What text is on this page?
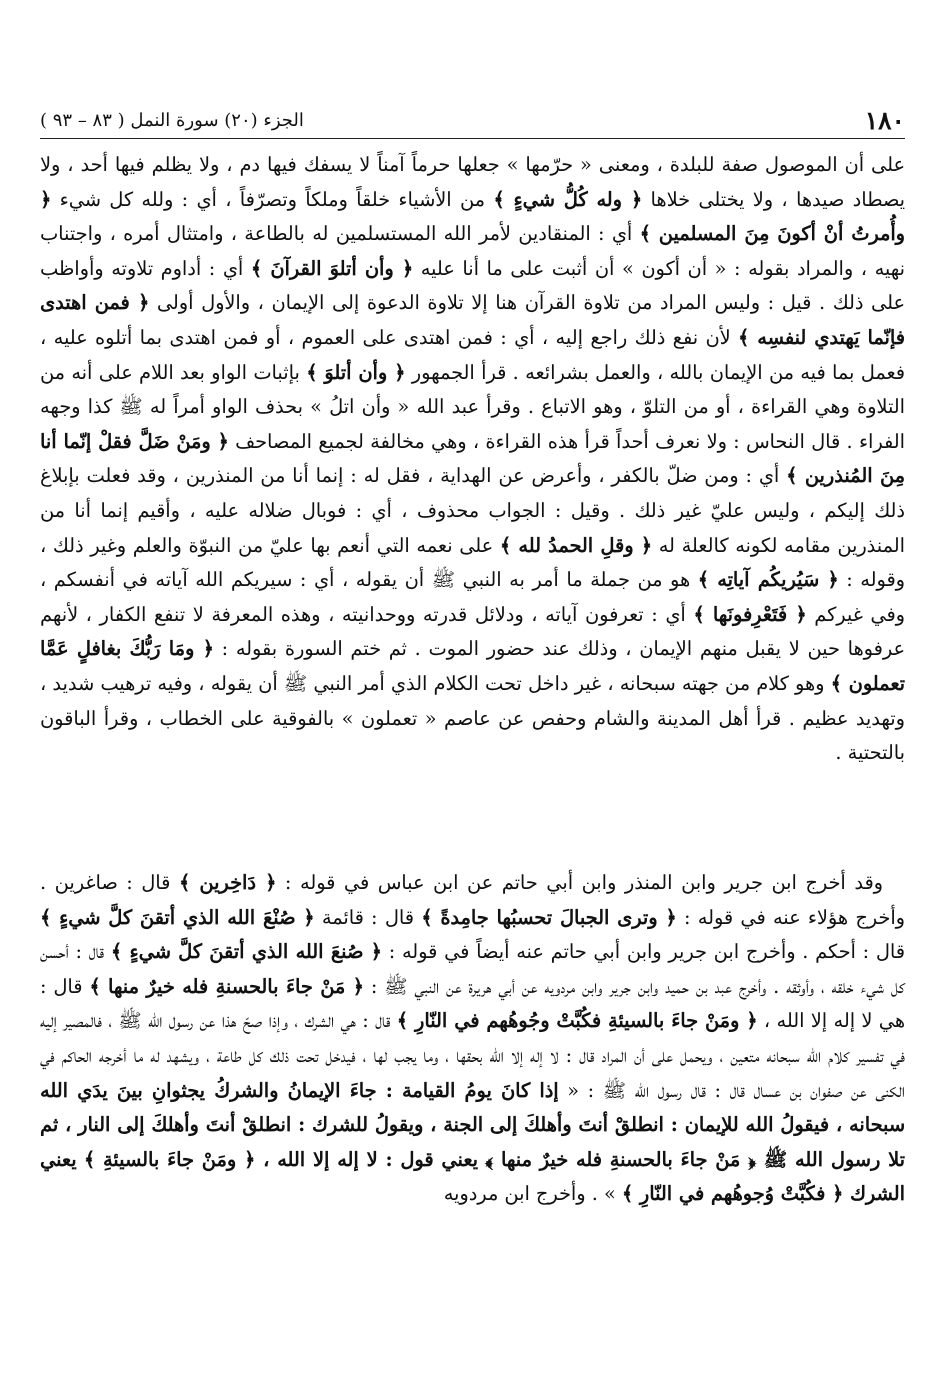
١٨٠
الجزء (٢٠) سورة النمل ( ٨٣ – ٩٣ )
على أن الموصول صفة للبلدة ، ومعنى « حرّمها » جعلها حرماً آمناً لا يسفك فيها دم ، ولا يظلم فيها أحد ، ولا يصطاد صيدها ، ولا يختلى خلاها ﴿ وله كُلُّ شيءٍ ﴾ من الأشياء خلقاً وملكاً وتصرّفاً ، أي : ولله كل شيء ﴿ وأُمرتُ أنْ أكونَ مِنَ المسلمين ﴾ أي : المنقادين لأمر الله المستسلمين له بالطاعة ، وامتثال أمره ، واجتناب نهيه ، والمراد بقوله : « أن أكون » أن أثبت على ما أنا عليه ﴿ وأن أتلوَ القرآنَ ﴾ أي : أداوم تلاوته وأواظب على ذلك . قيل : وليس المراد من تلاوة القرآن هنا إلا تلاوة الدعوة إلى الإيمان ، والأول أولى ﴿ فمن اهتدى فإنّما يَهتدي لنفسِه ﴾ لأن نفع ذلك راجع إليه ، أي : فمن اهتدى على العموم ، أو فمن اهتدى بما أتلوه عليه ، فعمل بما فيه من الإيمان بالله ، والعمل بشرائعه . قرأ الجمهور ﴿ وأن أتلوَ ﴾ بإثبات الواو بعد اللام على أنه من التلاوة وهي القراءة ، أو من التلوّ ، وهو الاتباع . وقرأ عبد الله « وأن اتلُ » بحذف الواو أمراً له ﷺ كذا وجهه الفراء . قال النحاس : ولا نعرف أحداً قرأ هذه القراءة ، وهي مخالفة لجميع المصاحف ﴿ ومَنْ ضَلَّ فقلْ إنّما أنا مِنَ المُنذرين ﴾ أي : ومن ضلّ بالكفر ، وأعرض عن الهداية ، فقل له : إنما أنا من المنذرين ، وقد فعلت بإبلاغ ذلك إليكم ، وليس عليّ غير ذلك . وقيل : الجواب محذوف ، أي : فوبال ضلاله عليه ، وأقيم إنما أنا من المنذرين مقامه لكونه كالعلة له ﴿ وقلِ الحمدُ لله ﴾ على نعمه التي أنعم بها عليّ من النبوّة والعلم وغير ذلك ، وقوله : ﴿ سَيُريكُم آياتِه ﴾ هو من جملة ما أمر به النبي ﷺ أن يقوله ، أي : سيريكم الله آياته في أنفسكم ، وفي غيركم ﴿ فَتَعْرِفونَها ﴾ أي : تعرفون آياته ، ودلائل قدرته ووحدانيته ، وهذه المعرفة لا تنفع الكفار ، لأنهم عرفوها حين لا يقبل منهم الإيمان ، وذلك عند حضور الموت . ثم ختم السورة بقوله : ﴿ ومَا رَبُّكَ بغافلٍ عَمَّا تعملون ﴾ وهو كلام من جهته سبحانه ، غير داخل تحت الكلام الذي أمر النبي ﷺ أن يقوله ، وفيه ترهيب شديد ، وتهديد عظيم . قرأ أهل المدينة والشام وحفص عن عاصم « تعملون » بالفوقية على الخطاب ، وقرأ الباقون بالتحتية .
وقد أخرج ابن جرير وابن المنذر وابن أبي حاتم عن ابن عباس في قوله : ﴿ دَاخِرين ﴾ قال : صاغرين . وأخرج هؤلاء عنه في قوله : ﴿ وترى الجبالَ تحسبُها جامِدةً ﴾ قال : قائمة ﴿ صُنْعَ الله الذي أتقنَ كلَّ شيءٍ ﴾ قال : أحكم . وأخرج ابن جرير وابن أبي حاتم عنه أيضاً في قوله : ﴿ صُنعَ الله الذي أتقنَ كلَّ شيءٍ ﴾ قال : أحسن كل شيء خلقه ، وأوثقه . وأخرج عبد بن حميد وابن جرير وابن مردويه عن أبي هريرة عن النبي ﷺ : ﴿ مَنْ جاءَ بالحسنةِ فله خيرٌ منها ﴾ قال : هي لا إله إلا الله ، ﴿ ومَنْ جاءَ بالسيئةِ فكُبَّتْ وجُوهُهم في النّارِ ﴾ قال : هي الشرك ، وإذا صحّ هذا عن رسول الله ﷺ ، فالمصير إليه في تفسير كلام الله سبحانه متعين ، ويحمل على أن المراد قال : لا إله إلا الله بحقها ، وما يجب لها ، فيدخل تحت ذلك كل طاعة ، ويشهد له ما أخرجه الحاكم في الكنى عن صفوان بن عسال قال : قال رسول الله ﷺ : « إذا كانَ يومُ القيامة : جاءَ الإيمانُ والشركُ يجثوانِ بينَ يدَي الله سبحانه ، فيقولُ الله للإيمان : انطلقْ أنتَ وأهلكَ إلى الجنة ، ويقولُ للشرك : انطلقْ أنتَ وأهلكَ إلى النار ، ثم تلا رسول الله ﷺ ﴿ مَنْ جاءَ بالحسنةِ فله خيرٌ منها ﴾ يعني قول : لا إله إلا الله ، ﴿ ومَنْ جاءَ بالسيئةِ ﴾ يعني الشرك ﴿ فكُبَّتْ وُجوهُهم في النّارِ ﴾ » . وأخرج ابن مردويه
